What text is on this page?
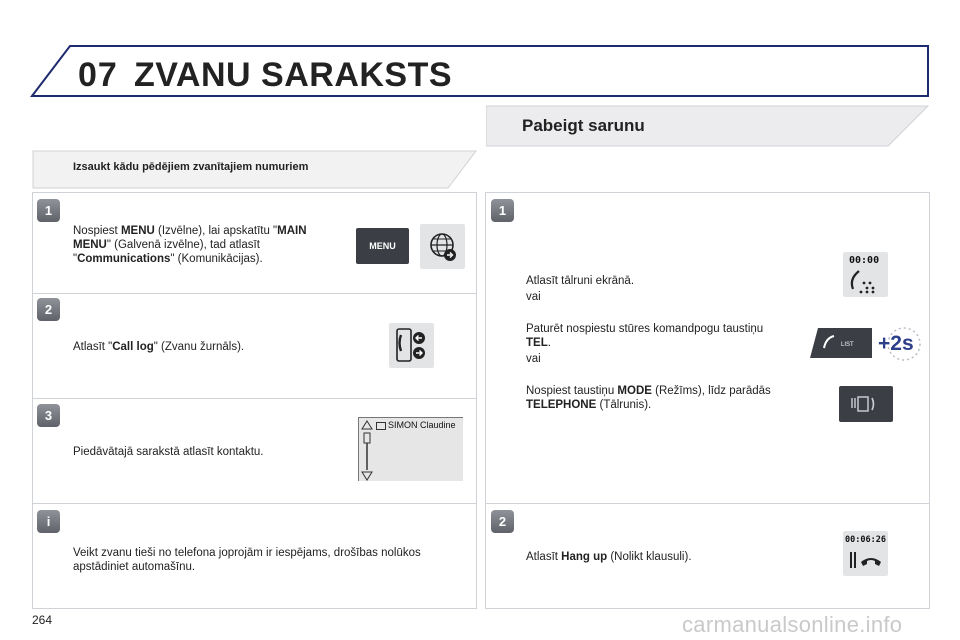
07 ZVANU SARAKSTS
Pabeigt sarunu
Izsaukt kādu pēdējiem zvanītajiem numuriem
1
Nospiest MENU (Izvēlne), lai apskatītu "MAIN MENU" (Galvenā izvēlne), tad atlasīt "Communications" (Komunikācijas).
MENU
2
Atlasīt "Call log" (Zvanu žurnāls).
3
Piedāvātajā sarakstā atlasīt kontaktu.
SIMON Claudine
i
Veikt zvanu tieši no telefona joprojām ir iespējams, drošības nolūkos apstādiniet automašīnu.
1
Atlasīt tālruni ekrānā.
vai
00:00
Paturēt nospiestu stūres komandpogu taustiņu TEL.
vai
LIST +2s
Nospiest taustiņu MODE (Režīms), līdz parādās TELEPHONE (Tālrunis).
2
Atlasīt Hang up (Nolikt klausuli).
00:06:26
264	carmanualsonline.info
